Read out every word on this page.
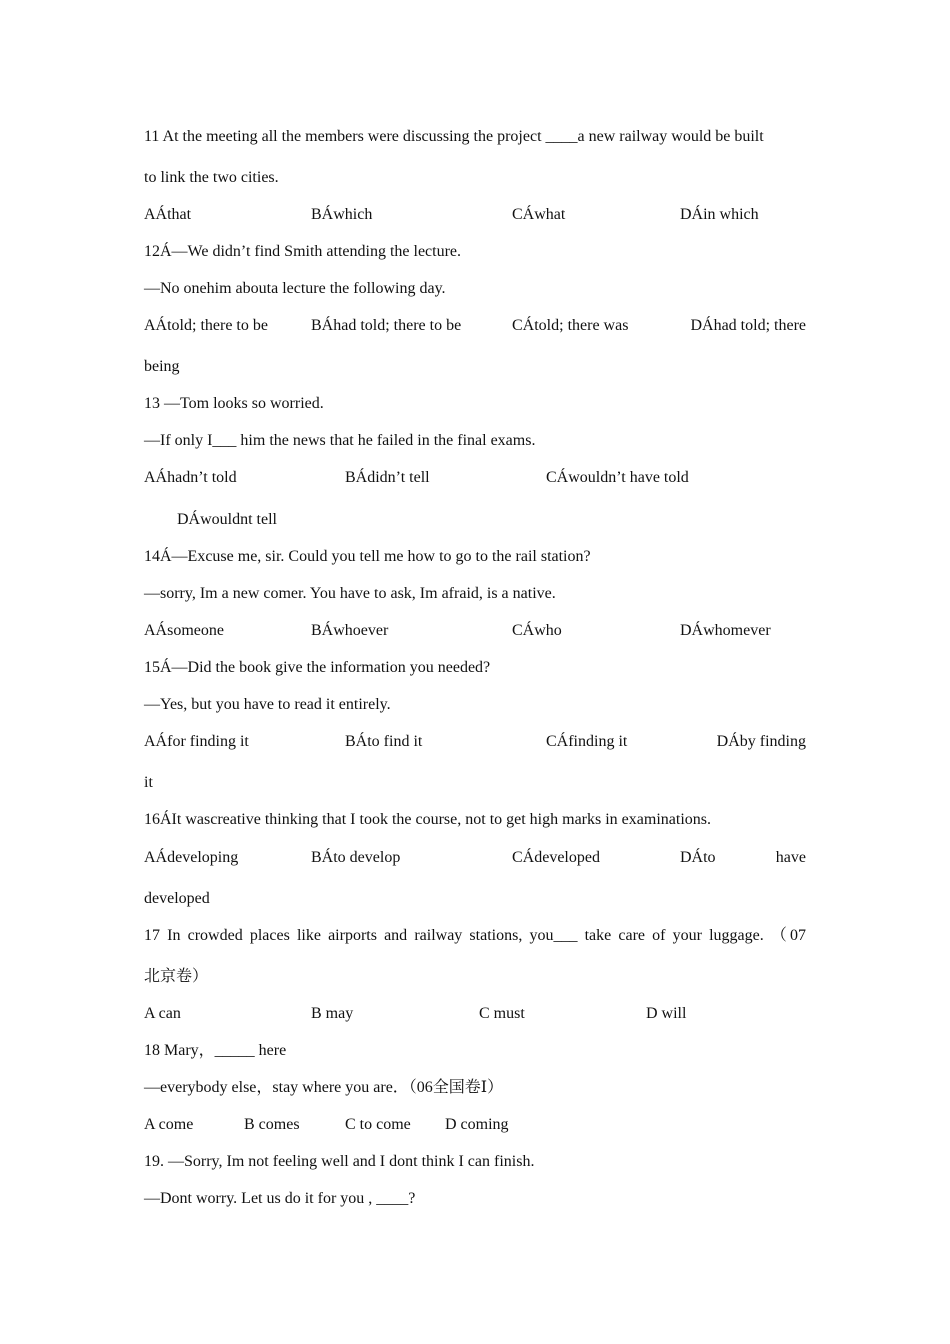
11 At the meeting all the members were discussing the project ____a new railway would be built
to link the two cities.
AÁthat	BÁwhich	CÁwhat	DÁin which
12Á—We didn’t find Smith attending the lecture.
—No onehim abouta lecture the following day.
AÁtold; there to be	BÁhad told; there to be	CÁtold; there was	DÁhad told; there
being
13 —Tom looks so worried.
—If only I___ him the news that he failed in the final exams.
AÁhadn’t told	BÁdidn’t tell	CÁwouldn’t have told
DÁwouldnt tell
14Á—Excuse me, sir. Could you tell me how to go to the rail station?
—sorry, Im a new comer. You have to ask, Im afraid, is a native.
AÁsomeone	BÁwhoever	CÁwho	DÁwhomever
15Á—Did the book give the information you needed?
—Yes, but you have to read it entirely.
AÁfor finding it	BÁto find it	CÁfinding it	DÁby finding
it
16ÁIt wascreative thinking that I took the course, not to get high marks in examinations.
AÁdeveloping	BÁto develop	CÁdeveloped	DÁto	have
developed
17 In crowded places like airports and railway stations, you___ take care of your luggage. （07
北京卷）
A can	B may	C must	D will
18 Mary，_____ here
—everybody else，stay where you are．（06全国卷Ⅰ）
A come	B comes	C to come D coming
19. —Sorry, Im not feeling well and I dont think I can finish.
—Dont worry. Let us do it for you , ____?
